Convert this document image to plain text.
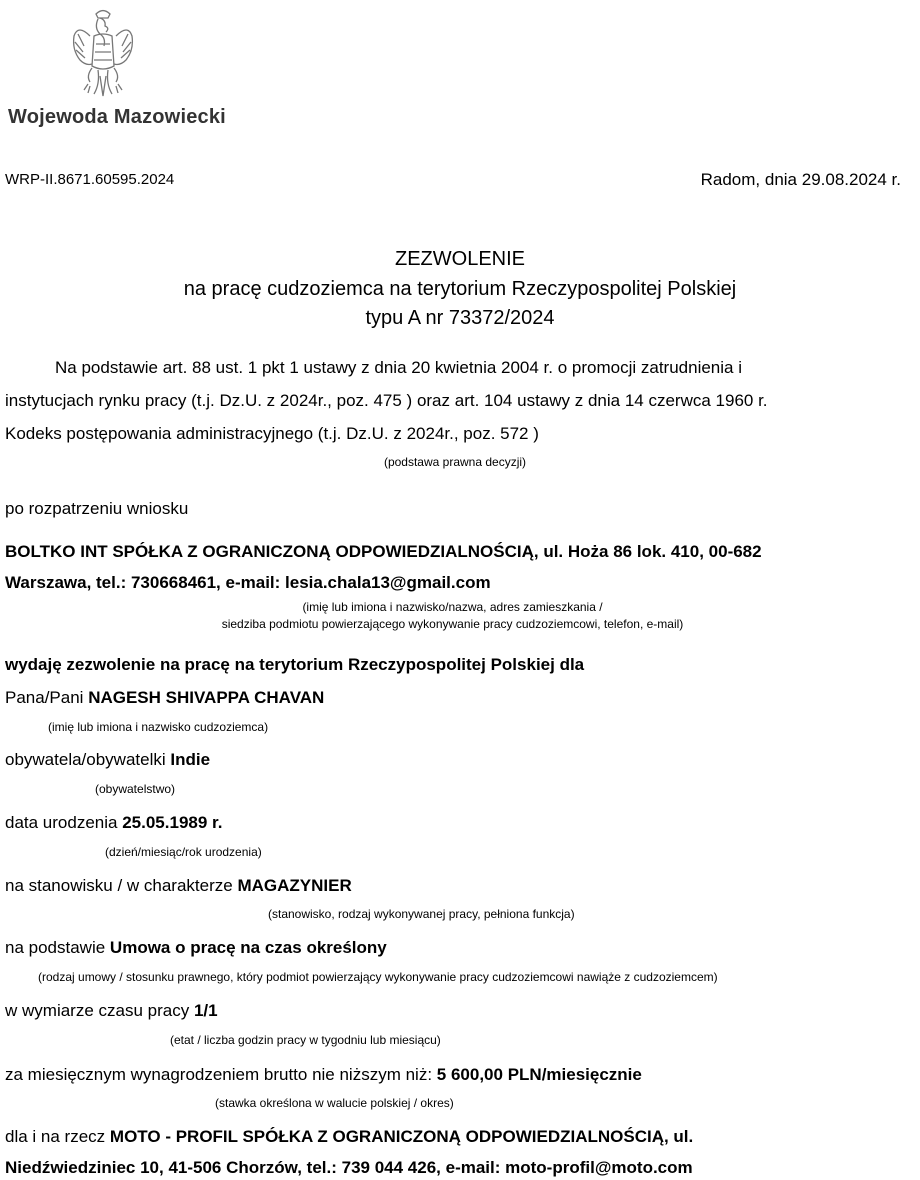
Wojewoda Mazowiecki
WRP-II.8671.60595.2024	Radom, dnia 29.08.2024 r.
ZEZWOLENIE
na pracę cudzoziemca na terytorium Rzeczypospolitej Polskiej
typu A nr 73372/2024
Na podstawie art. 88 ust. 1 pkt 1 ustawy z dnia 20 kwietnia 2004 r. o promocji zatrudnienia i
instytucjach rynku pracy (t.j. Dz.U. z 2024r., poz. 475 ) oraz art. 104 ustawy z dnia 14 czerwca 1960 r.
Kodeks postępowania administracyjnego (t.j. Dz.U. z 2024r., poz. 572 )
(podstawa prawna decyzji)
po rozpatrzeniu wniosku
BOLTKO INT SPÓŁKA Z OGRANICZONĄ ODPOWIEDZIALNOŚCIĄ, ul. Hoża 86 lok. 410, 00-682
Warszawa, tel.: 730668461, e-mail: lesia.chala13@gmail.com
(imię lub imiona i nazwisko/nazwa, adres zamieszkania /
siedziba podmiotu powierzającego wykonywanie pracy cudzoziemcowi, telefon, e-mail)
wydaję zezwolenie na pracę na terytorium Rzeczypospolitej Polskiej dla
Pana/Pani NAGESH SHIVAPPA CHAVAN
(imię lub imiona i nazwisko cudzoziemca)
obywatela/obywatelki Indie
(obywatelstwo)
data urodzenia 25.05.1989 r.
(dzień/miesiąc/rok urodzenia)
na stanowisku / w charakterze MAGAZYNIER
(stanowisko, rodzaj wykonywanej pracy, pełniona funkcja)
na podstawie Umowa o pracę na czas określony
(rodzaj umowy / stosunku prawnego, który podmiot powierzający wykonywanie pracy cudzoziemcowi nawiąże z cudzoziemcem)
w wymiarze czasu pracy 1/1
(etat / liczba godzin pracy w tygodniu lub miesiącu)
za miesięcznym wynagrodzeniem brutto nie niższym niż: 5 600,00 PLN/miesięcznie
(stawka określona w walucie polskiej / okres)
dla i na rzecz MOTO - PROFIL SPÓŁKA Z OGRANICZONĄ ODPOWIEDZIALNOŚCIĄ, ul.
Niedźwiedziniec 10, 41-506 Chorzów, tel.: 739 044 426, e-mail: moto-profil@moto.com
